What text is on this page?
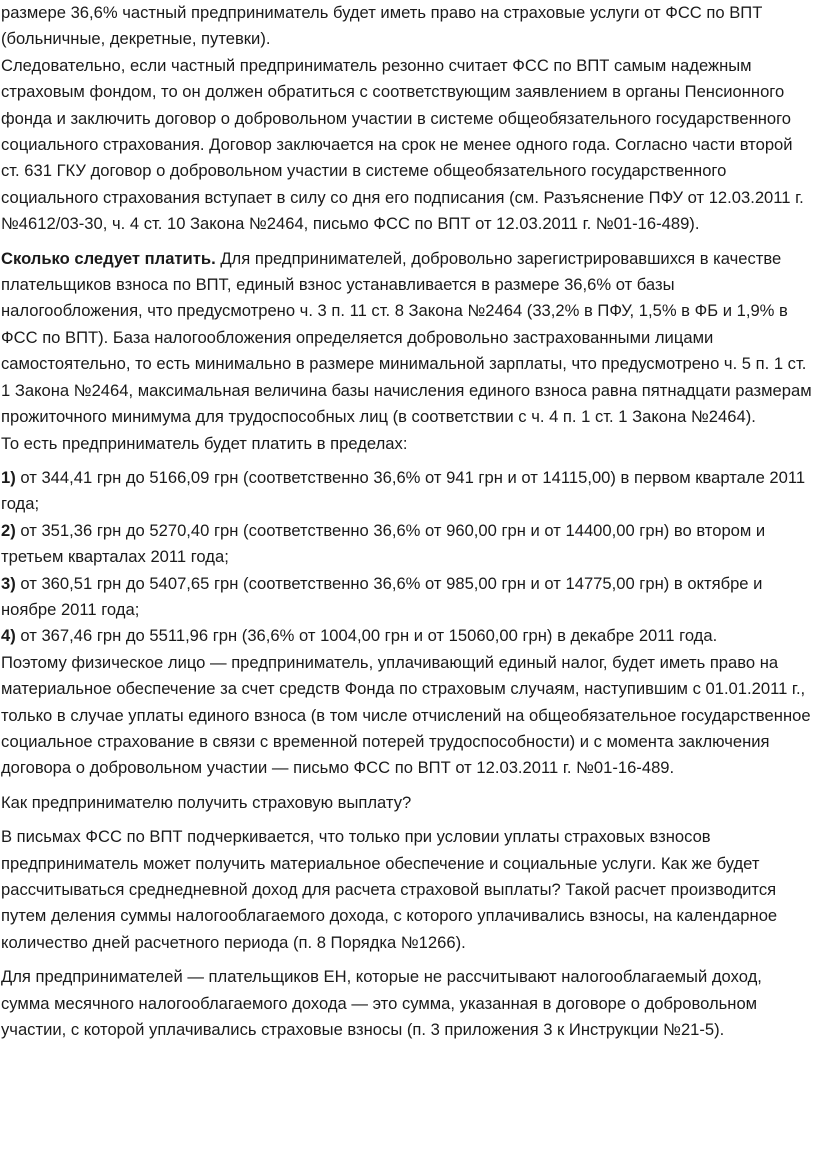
размере 36,6% частный предприниматель будет иметь право на страховые услуги от ФСС по ВПТ (больничные, декретные, путевки).

Следовательно, если частный предприниматель резонно считает ФСС по ВПТ самым надежным страховым фондом, то он должен обратиться с соответствующим заявлением в органы Пенсионного фонда и заключить договор о добровольном участии в системе общеобязательного государственного социального страхования. Договор заключается на срок не менее одного года. Согласно части второй ст. 631 ГКУ договор о добровольном участии в системе общеобязательного государственного социального страхования вступает в силу со дня его подписания (см. Разъяснение ПФУ от 12.03.2011 г. №4612/03-30, ч. 4 ст. 10 Закона №2464, письмо ФСС по ВПТ от 12.03.2011 г. №01-16-489).

Сколько следует платить. Для предпринимателей, добровольно зарегистрировавшихся в качестве плательщиков взноса по ВПТ, единый взнос устанавливается в размере 36,6% от базы налогообложения, что предусмотрено ч. 3 п. 11 ст. 8 Закона №2464 (33,2% в ПФУ, 1,5% в ФБ и 1,9% в ФСС по ВПТ). База налогообложения определяется добровольно застрахованными лицами самостоятельно, то есть минимально в размере минимальной зарплаты, что предусмотрено ч. 5 п. 1 ст. 1 Закона №2464, максимальная величина базы начисления единого взноса равна пятнадцати размерам прожиточного минимума для трудоспособных лиц (в соответствии с ч. 4 п. 1 ст. 1 Закона №2464).

То есть предприниматель будет платить в пределах:

1) от 344,41 грн до 5166,09 грн (соответственно 36,6% от 941 грн и от 14115,00) в первом квартале 2011 года;

2) от 351,36 грн до 5270,40 грн (соответственно 36,6% от 960,00 грн и от 14400,00 грн) во втором и третьем кварталах 2011 года;

3) от 360,51 грн до 5407,65 грн (соответственно 36,6% от 985,00 грн и от 14775,00 грн) в октябре и ноябре 2011 года;

4) от 367,46 грн до 5511,96 грн (36,6% от 1004,00 грн и от 15060,00 грн) в декабре 2011 года.

Поэтому физическое лицо — предприниматель, уплачивающий единый налог, будет иметь право на материальное обеспечение за счет средств Фонда по страховым случаям, наступившим с 01.01.2011 г., только в случае уплаты единого взноса (в том числе отчислений на общеобязательное государственное социальное страхование в связи с временной потерей трудоспособности) и с момента заключения договора о добровольном участии — письмо ФСС по ВПТ от 12.03.2011 г. №01-16-489.

Как предпринимателю получить страховую выплату?

В письмах ФСС по ВПТ подчеркивается, что только при условии уплаты страховых взносов предприниматель может получить материальное обеспечение и социальные услуги. Как же будет рассчитываться среднедневной доход для расчета страховой выплаты? Такой расчет производится путем деления суммы налогооблагаемого дохода, с которого уплачивались взносы, на календарное количество дней расчетного периода (п. 8 Порядка №1266).

Для предпринимателей — плательщиков ЕН, которые не рассчитывают налогооблагаемый доход, сумма месячного налогооблагаемого дохода — это сумма, указанная в договоре о добровольном участии, с которой уплачивались страховые взносы (п. 3 приложения 3 к Инструкции №21-5).
